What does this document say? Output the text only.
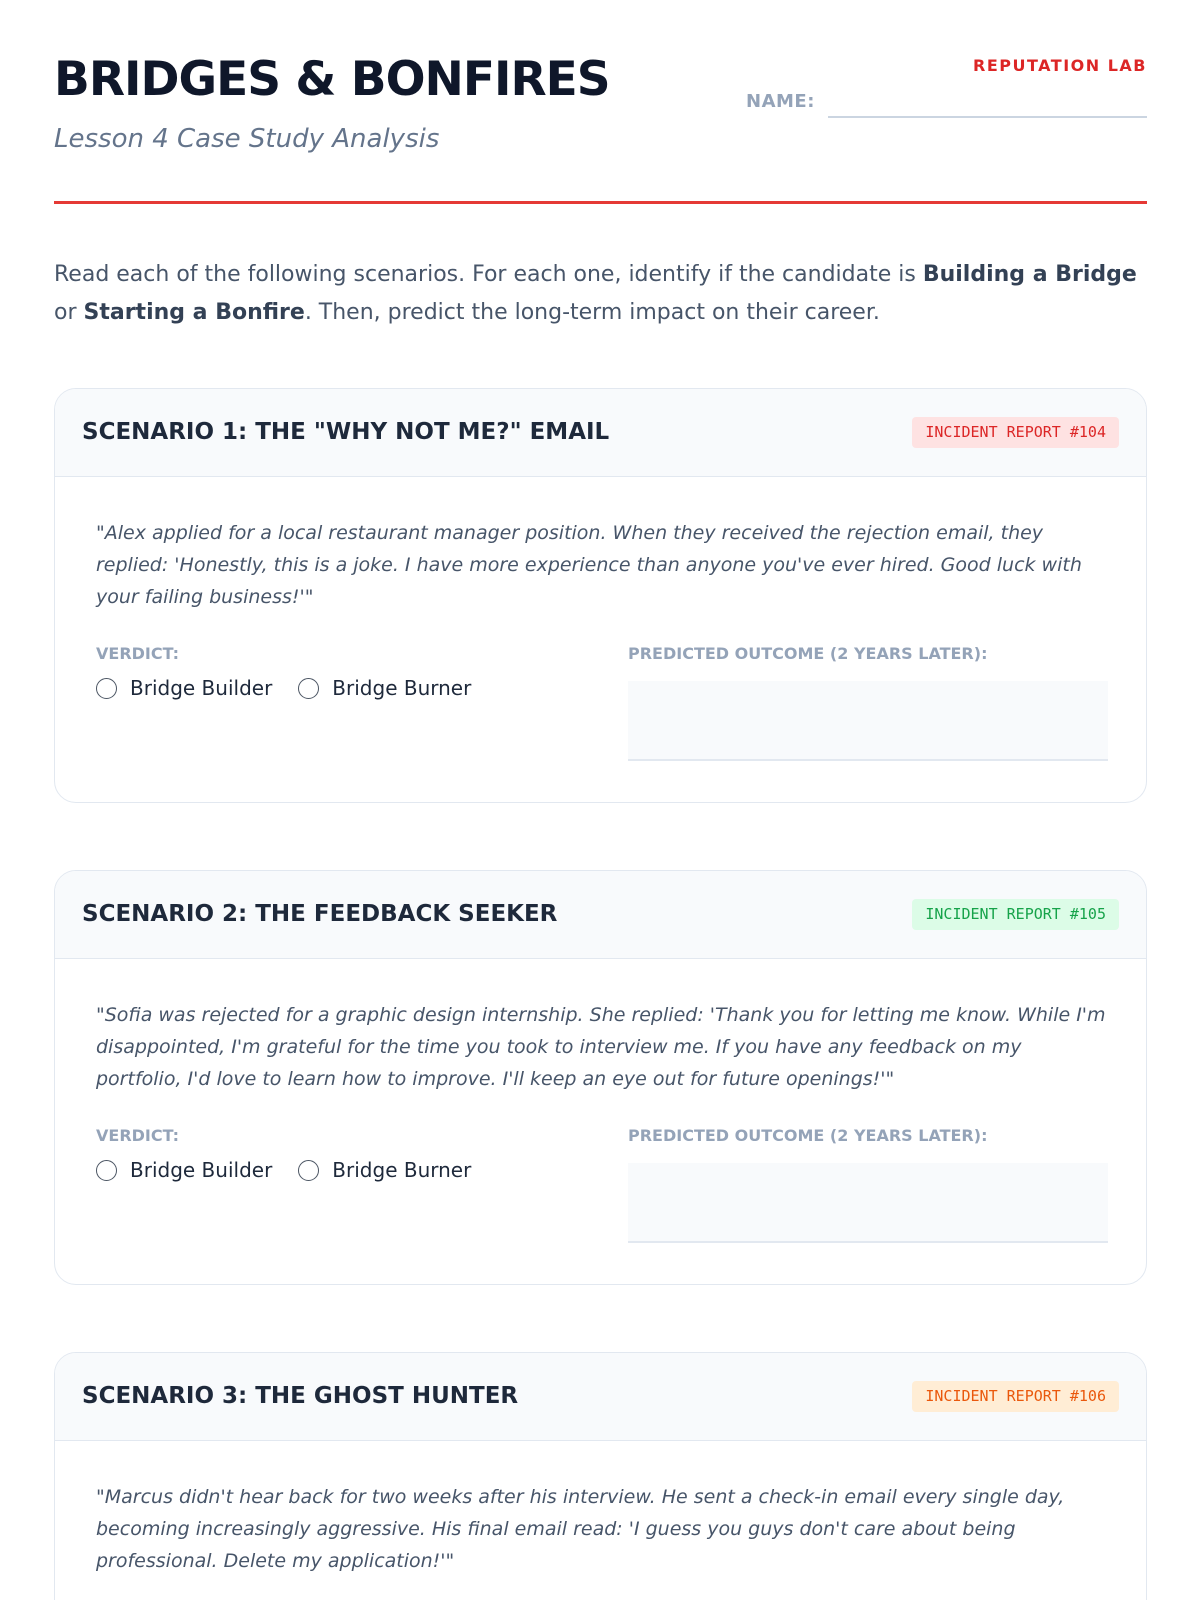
BRIDGES & BONFIRES
Lesson 4 Case Study Analysis
REPUTATION LAB
NAME:

Read each of the following scenarios. For each one, identify if the candidate is Building a Bridge or Starting a Bonfire. Then, predict the long-term impact on their career.

SCENARIO 1: THE "WHY NOT ME?" EMAIL	INCIDENT REPORT #104

"Alex applied for a local restaurant manager position. When they received the rejection email, they replied: 'Honestly, this is a joke. I have more experience than anyone you've ever hired. Good luck with your failing business!'"

VERDICT:
Bridge Builder	Bridge Burner
PREDICTED OUTCOME (2 YEARS LATER):
SCENARIO 2: THE FEEDBACK SEEKER	INCIDENT REPORT #105

"Sofia was rejected for a graphic design internship. She replied: 'Thank you for letting me know. While I'm disappointed, I'm grateful for the time you took to interview me. If you have any feedback on my portfolio, I'd love to learn how to improve. I'll keep an eye out for future openings!'"

VERDICT:
Bridge Builder	Bridge Burner
PREDICTED OUTCOME (2 YEARS LATER):
SCENARIO 3: THE GHOST HUNTER	INCIDENT REPORT #106

"Marcus didn't hear back for two weeks after his interview. He sent a check-in email every single day, becoming increasingly aggressive. His final email read: 'I guess you guys don't care about being professional. Delete my application!'"
